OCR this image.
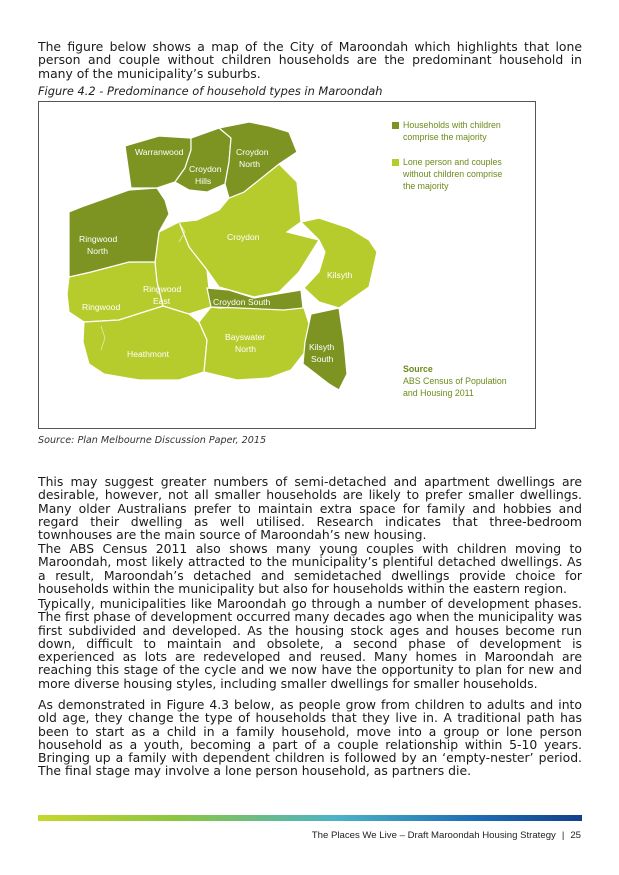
The figure below shows a map of the City of Maroondah which highlights that lone person and couple without children households are the predominant household in many of the municipality’s suburbs.

Figure 4.2 - Predominance of household types in Maroondah
Warranwood	Croydon
North
Croydon
Hills
Ringwood
North
Croydon
Kilsyth
Ringwood
East	Croydon South
Ringwood
Bayswater
North
Heathmont
Kilsyth
South
Households with children
comprise the majority
Lone person and couples
without children comprise
the majority
Source
ABS Census of Population
and Housing 2011
Source: Plan Melbourne Discussion Paper, 2015

This may suggest greater numbers of semi-detached and apartment dwellings are desirable, however, not all smaller households are likely to prefer smaller dwellings. Many older Australians prefer to maintain extra space for family and hobbies and regard their dwelling as well utilised. Research indicates that three-bedroom townhouses are the main source of Maroondah’s new housing.

The ABS Census 2011 also shows many young couples with children moving to Maroondah, most likely attracted to the municipality’s plentiful detached dwellings. As a result, Maroondah’s detached and semidetached dwellings provide choice for households within the municipality but also for households within the eastern region.

Typically, municipalities like Maroondah go through a number of development phases. The first phase of development occurred many decades ago when the municipality was first subdivided and developed. As the housing stock ages and houses become run down, difficult to maintain and obsolete, a second phase of development is experienced as lots are redeveloped and reused. Many homes in Maroondah are reaching this stage of the cycle and we now have the opportunity to plan for new and more diverse housing styles, including smaller dwellings for smaller households.

As demonstrated in Figure 4.3 below, as people grow from children to adults and into old age, they change the type of households that they live in. A traditional path has been to start as a child in a family household, move into a group or lone person household as a youth, becoming a part of a couple relationship within 5-10 years. Bringing up a family with dependent children is followed by an ‘empty-nester’ period. The final stage may involve a lone person household, as partners die.

The Places We Live – Draft Maroondah Housing Strategy | 25
